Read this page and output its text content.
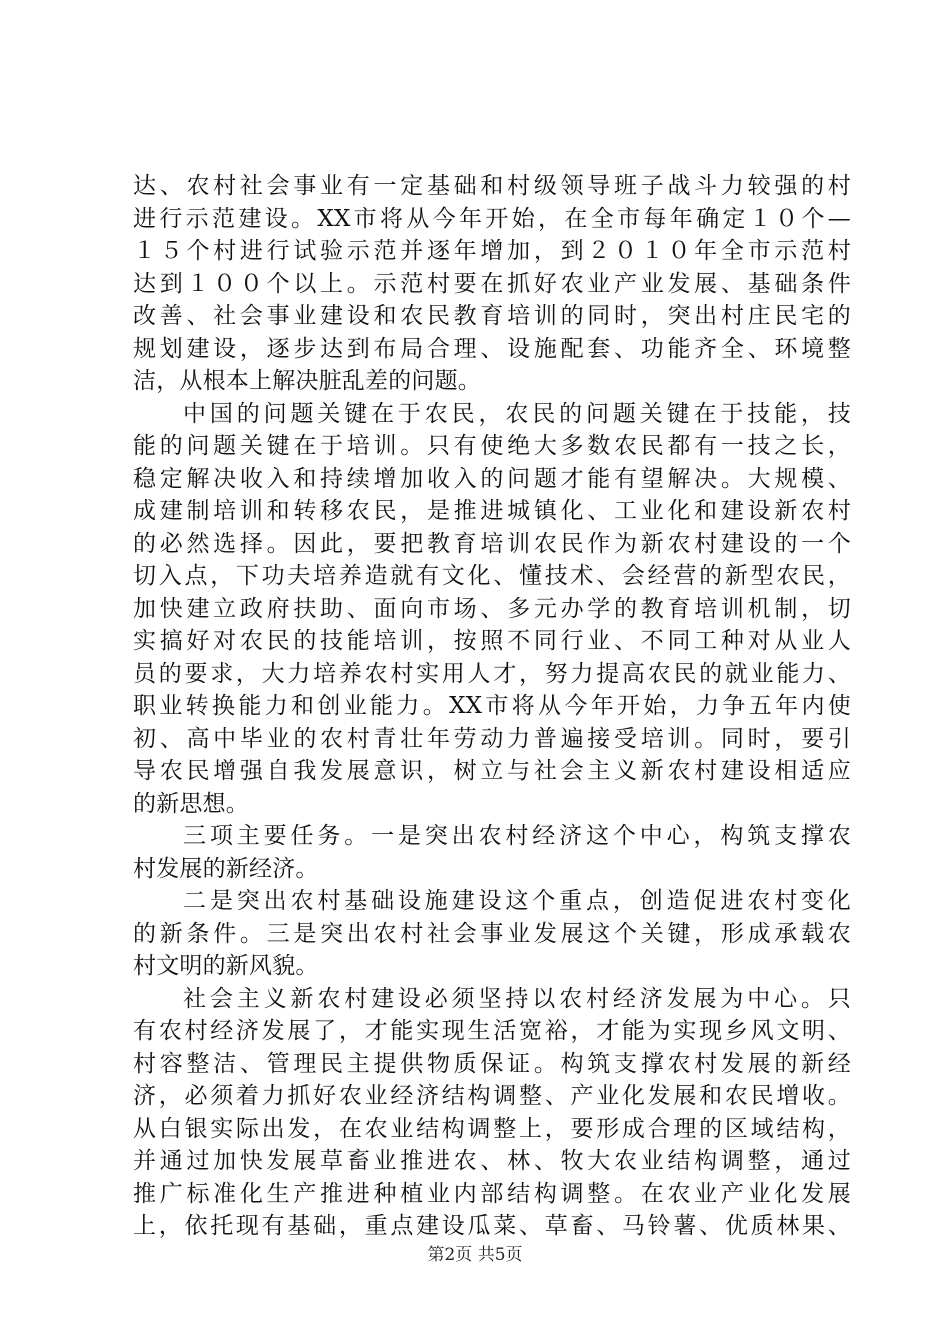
达、农村社会事业有一定基础和村级领导班子战斗力较强的村
进行示范建设。XX市将从今年开始，在全市每年确定１０个—
１５个村进行试验示范并逐年增加，到２０１０年全市示范村
达到１００个以上。示范村要在抓好农业产业发展、基础条件
改善、社会事业建设和农民教育培训的同时，突出村庄民宅的
规划建设，逐步达到布局合理、设施配套、功能齐全、环境整
洁，从根本上解决脏乱差的问题。
中国的问题关键在于农民，农民的问题关键在于技能，技
能的问题关键在于培训。只有使绝大多数农民都有一技之长，
稳定解决收入和持续增加收入的问题才能有望解决。大规模、
成建制培训和转移农民，是推进城镇化、工业化和建设新农村
的必然选择。因此，要把教育培训农民作为新农村建设的一个
切入点，下功夫培养造就有文化、懂技术、会经营的新型农民，
加快建立政府扶助、面向市场、多元办学的教育培训机制，切
实搞好对农民的技能培训，按照不同行业、不同工种对从业人
员的要求，大力培养农村实用人才，努力提高农民的就业能力、
职业转换能力和创业能力。XX市将从今年开始，力争五年内使
初、高中毕业的农村青壮年劳动力普遍接受培训。同时，要引
导农民增强自我发展意识，树立与社会主义新农村建设相适应
的新思想。
三项主要任务。一是突出农村经济这个中心，构筑支撑农
村发展的新经济。
二是突出农村基础设施建设这个重点，创造促进农村变化
的新条件。三是突出农村社会事业发展这个关键，形成承载农
村文明的新风貌。
社会主义新农村建设必须坚持以农村经济发展为中心。只
有农村经济发展了，才能实现生活宽裕，才能为实现乡风文明、
村容整洁、管理民主提供物质保证。构筑支撑农村发展的新经
济，必须着力抓好农业经济结构调整、产业化发展和农民增收。
从白银实际出发，在农业结构调整上，要形成合理的区域结构，
并通过加快发展草畜业推进农、林、牧大农业结构调整，通过
推广标准化生产推进种植业内部结构调整。在农业产业化发展
上，依托现有基础，重点建设瓜菜、草畜、马铃薯、优质林果、
第2页 共5页
